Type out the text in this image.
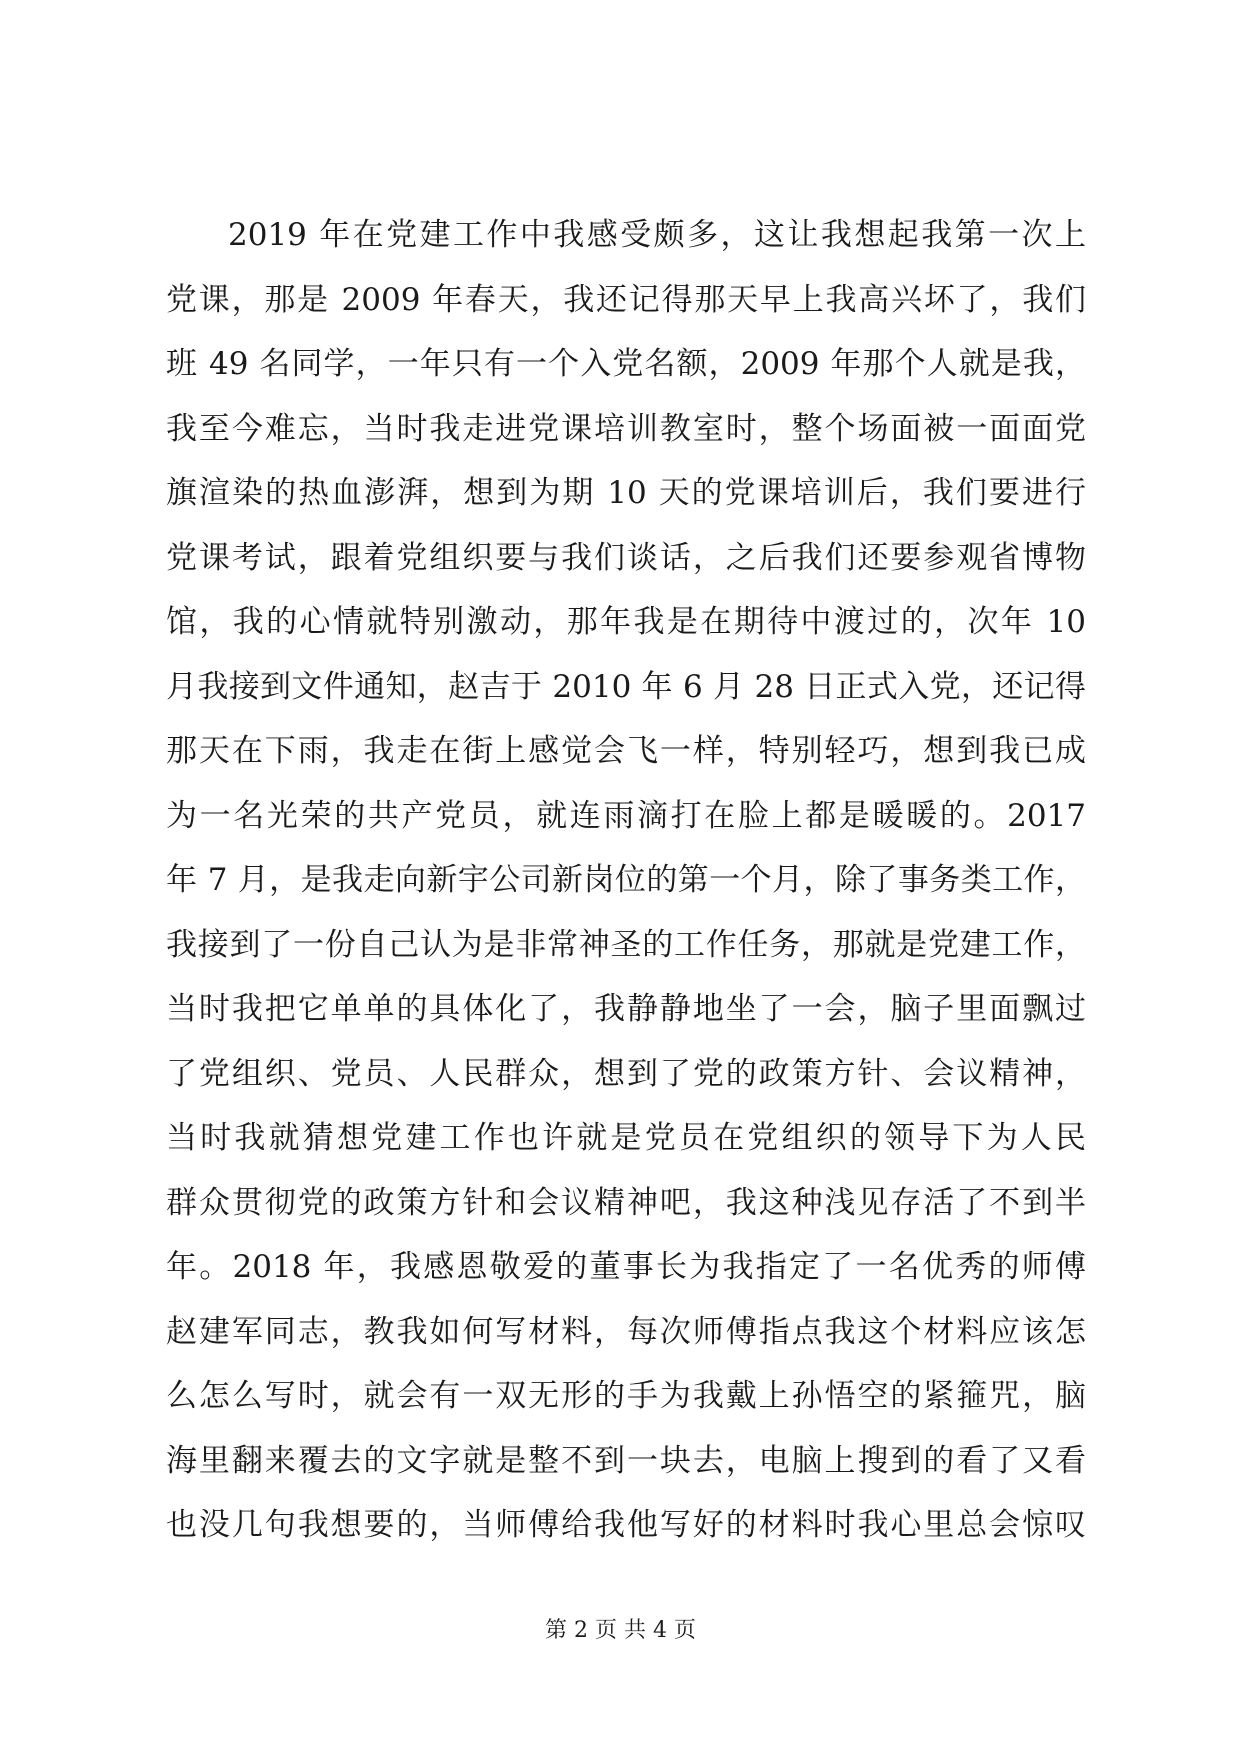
2019 年在党建工作中我感受颇多，这让我想起我第一次上
党课，那是 2009 年春天，我还记得那天早上我高兴坏了，我们
班 49 名同学，一年只有一个入党名额，2009 年那个人就是我，
我至今难忘，当时我走进党课培训教室时，整个场面被一面面党
旗渲染的热血澎湃，想到为期 10 天的党课培训后，我们要进行
党课考试，跟着党组织要与我们谈话，之后我们还要参观省博物
馆，我的心情就特别激动，那年我是在期待中渡过的，次年 10
月我接到文件通知，赵吉于 2010 年 6 月 28 日正式入党，还记得
那天在下雨，我走在街上感觉会飞一样，特别轻巧，想到我已成
为一名光荣的共产党员，就连雨滴打在脸上都是暖暖的。2017
年 7 月，是我走向新宇公司新岗位的第一个月，除了事务类工作，
我接到了一份自己认为是非常神圣的工作任务，那就是党建工作，
当时我把它单单的具体化了，我静静地坐了一会，脑子里面飘过
了党组织、党员、人民群众，想到了党的政策方针、会议精神，
当时我就猜想党建工作也许就是党员在党组织的领导下为人民
群众贯彻党的政策方针和会议精神吧，我这种浅见存活了不到半
年。2018 年，我感恩敬爱的董事长为我指定了一名优秀的师傅
赵建军同志，教我如何写材料，每次师傅指点我这个材料应该怎
么怎么写时，就会有一双无形的手为我戴上孙悟空的紧箍咒，脑
海里翻来覆去的文字就是整不到一块去，电脑上搜到的看了又看
也没几句我想要的，当师傅给我他写好的材料时我心里总会惊叹
第 2 页 共 4 页
